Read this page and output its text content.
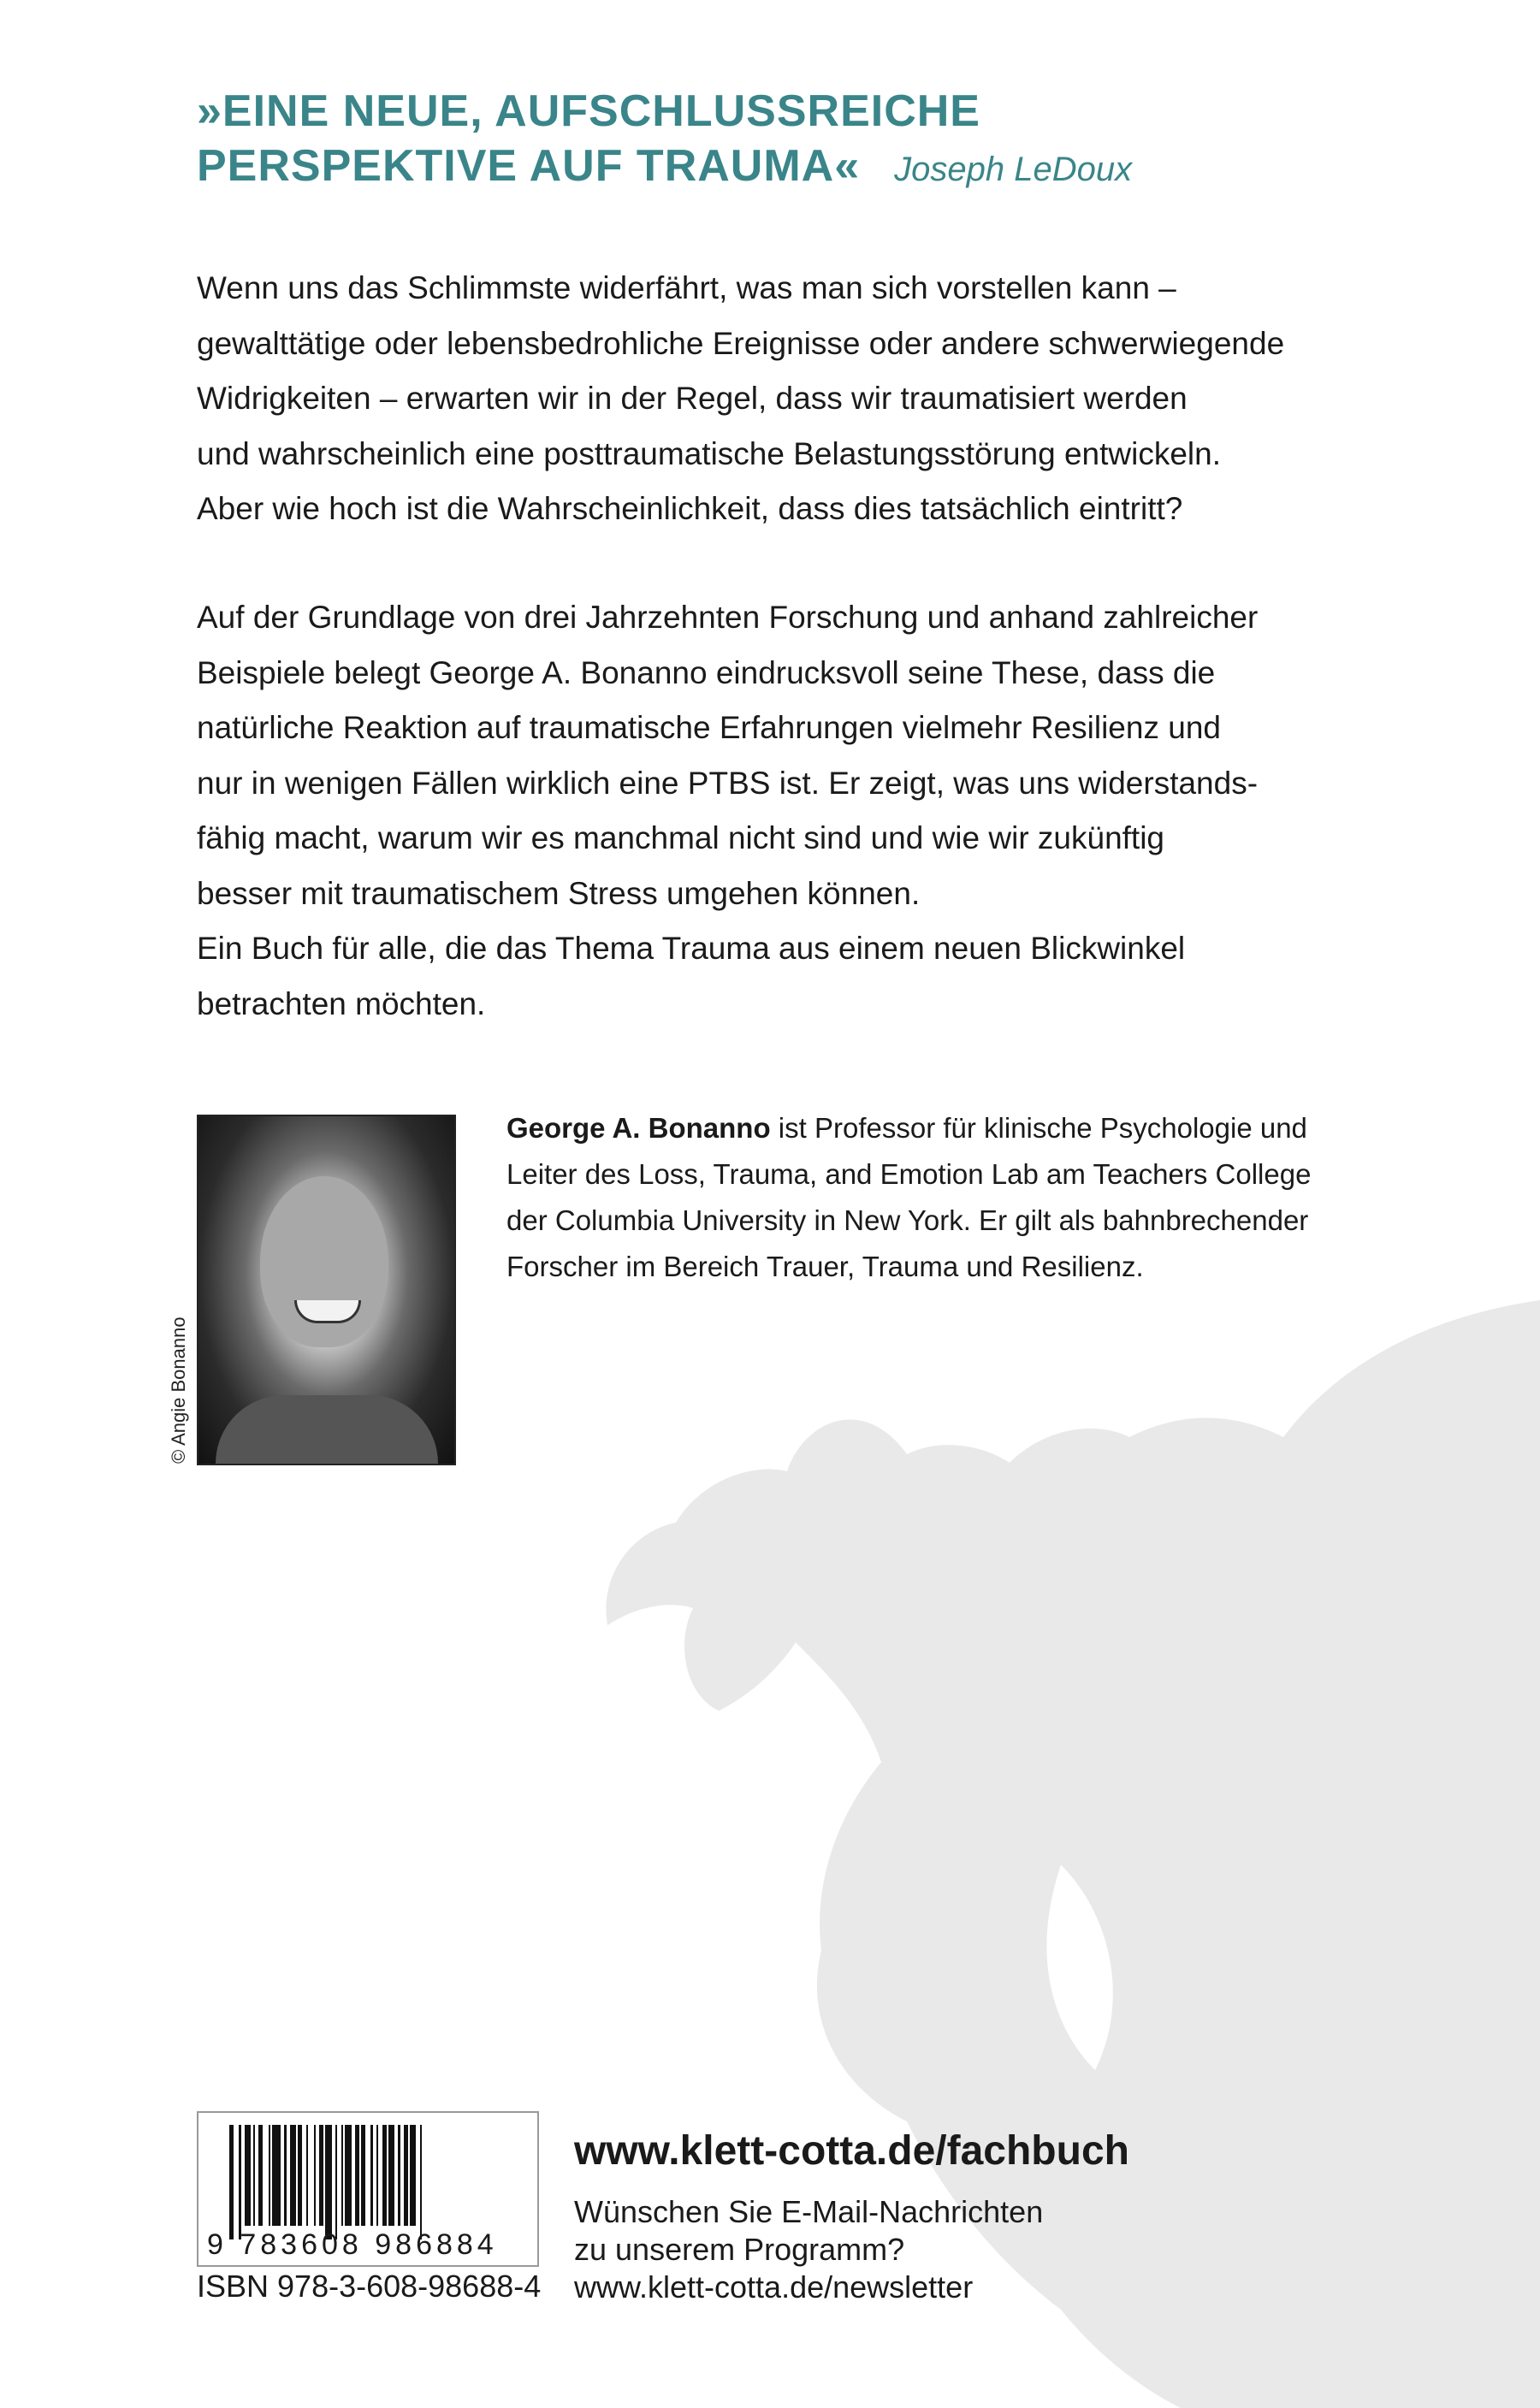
»EINE NEUE, AUFSCHLUSSREICHE
PERSPEKTIVE AUF TRAUMA« Joseph LeDoux
Wenn uns das Schlimmste widerfährt, was man sich vorstellen kann –
gewalttätige oder lebensbedrohliche Ereignisse oder andere schwerwiegende
Widrigkeiten – erwarten wir in der Regel, dass wir traumatisiert werden
und wahrscheinlich eine posttraumatische Belastungsstörung entwickeln.
Aber wie hoch ist die Wahrscheinlichkeit, dass dies tatsächlich eintritt?
Auf der Grundlage von drei Jahrzehnten Forschung und anhand zahlreicher
Beispiele belegt George A. Bonanno eindrucksvoll seine These, dass die
natürliche Reaktion auf traumatische Erfahrungen vielmehr Resilienz und
nur in wenigen Fällen wirklich eine PTBS ist. Er zeigt, was uns widerstands-
fähig macht, warum wir es manchmal nicht sind und wie wir zukünftig
besser mit traumatischem Stress umgehen können.
Ein Buch für alle, die das Thema Trauma aus einem neuen Blickwinkel
betrachten möchten.
© Angie Bonanno
George A. Bonanno ist Professor für klinische Psychologie und
Leiter des Loss, Trauma, and Emotion Lab am Teachers College
der Columbia University in New York. Er gilt als bahnbrechender
Forscher im Bereich Trauer, Trauma und Resilienz.
9 783608 986884
ISBN 978-3-608-98688-4
www.klett-cotta.de/fachbuch
Wünschen Sie E-Mail-Nachrichten
zu unserem Programm?
www.klett-cotta.de/newsletter
